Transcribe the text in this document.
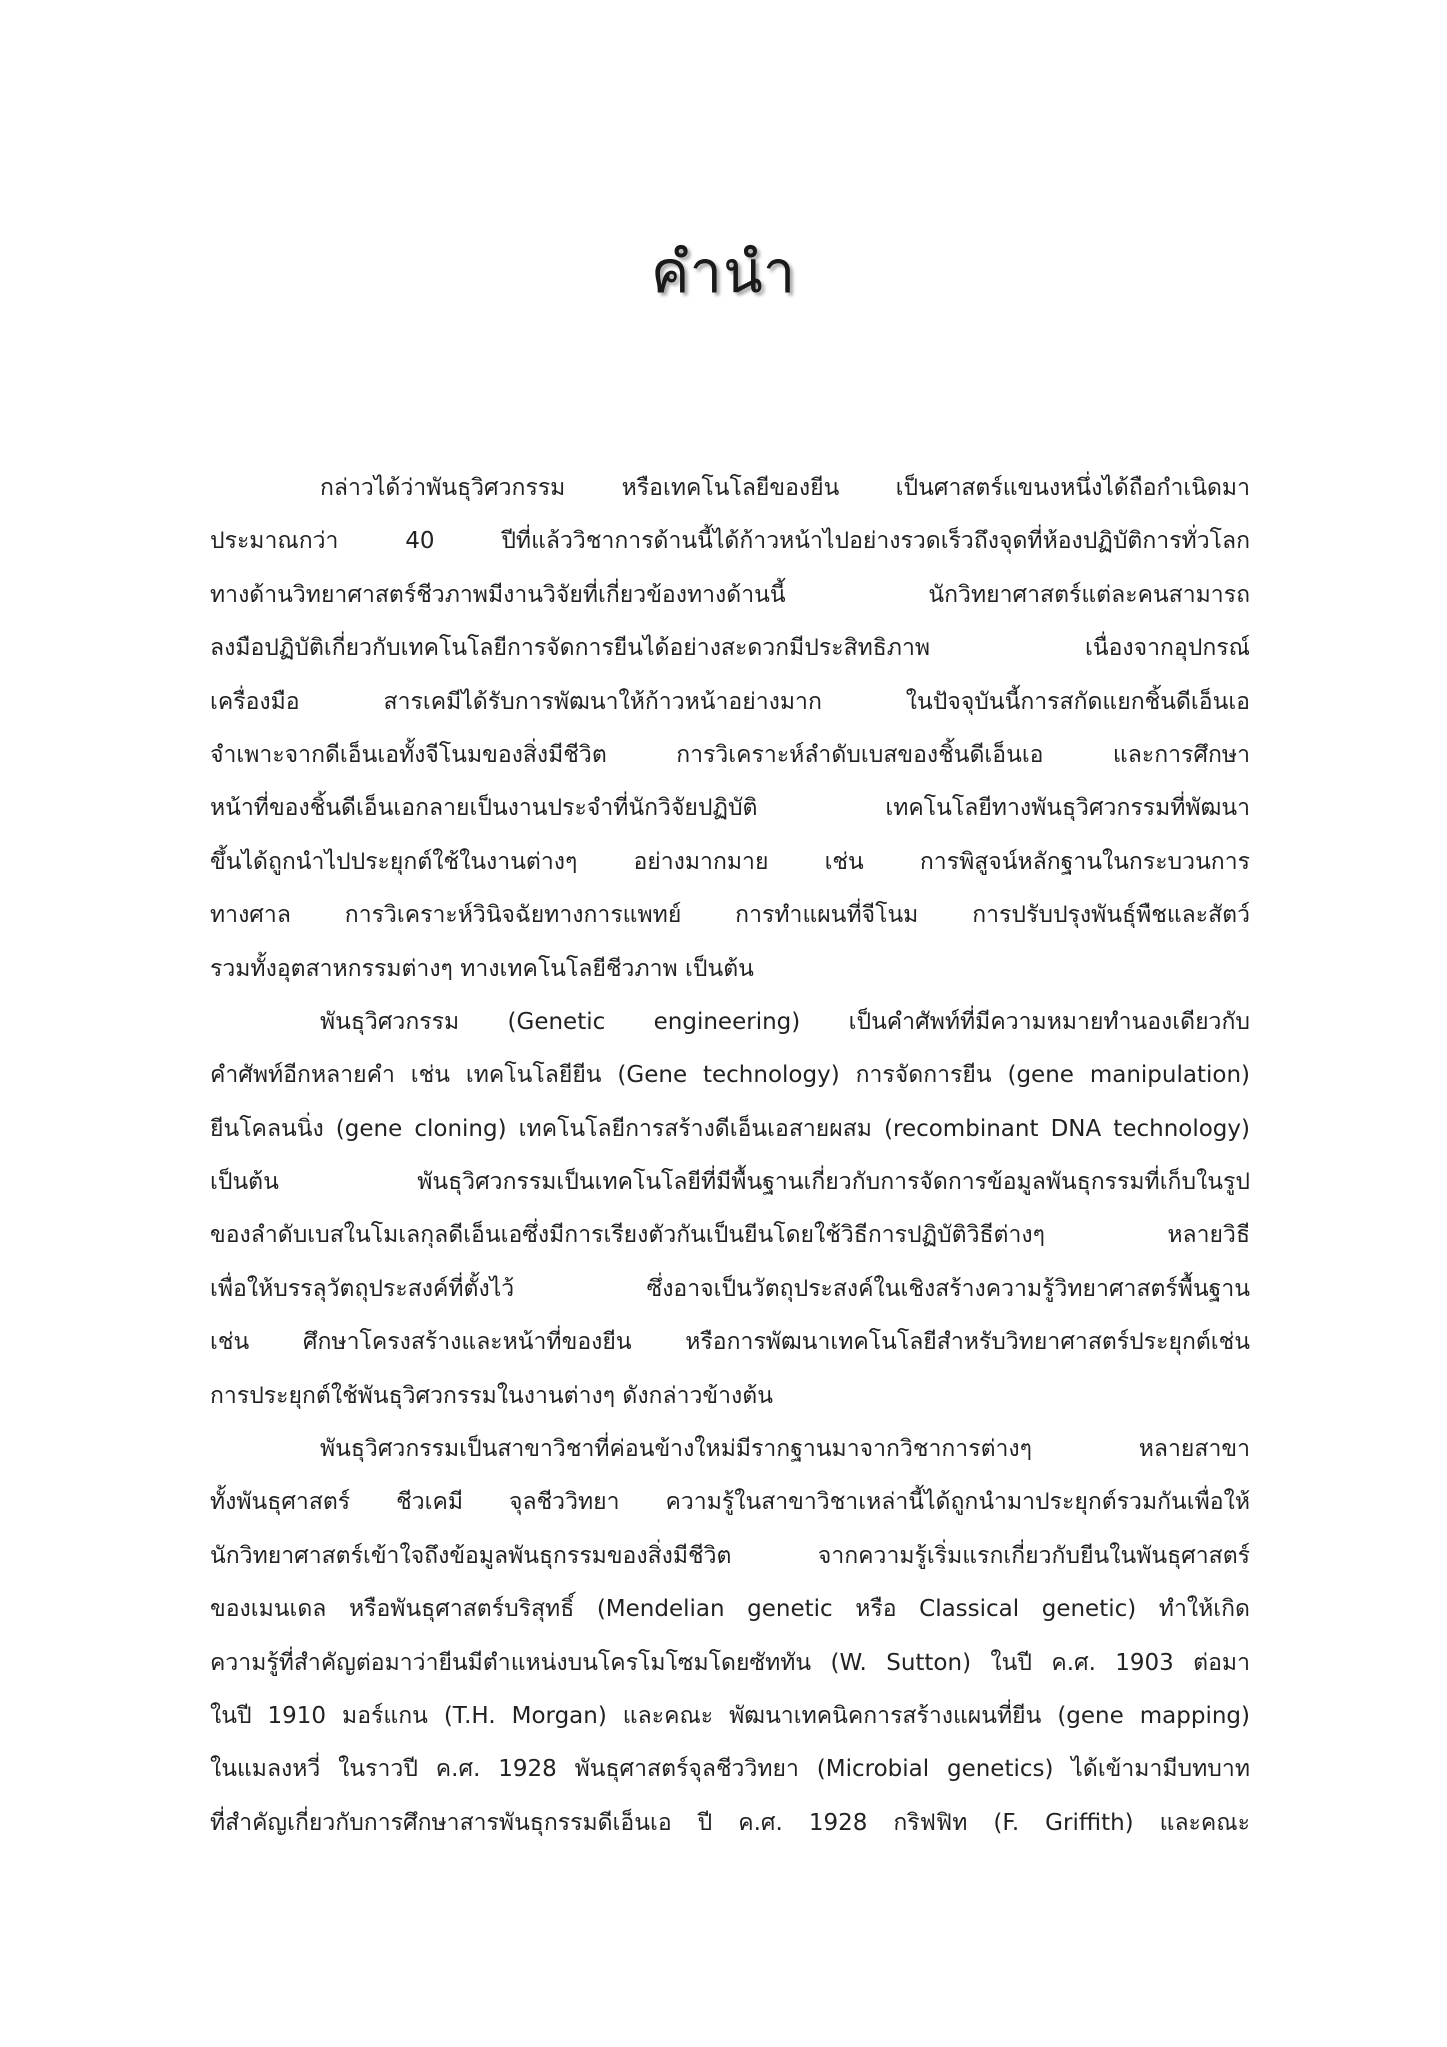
คำนำ
กล่าวได้ว่าพันธุวิศวกรรม หรือเทคโนโลยีของยีน เป็นศาสตร์แขนงหนึ่งได้ถือกำเนิดมา
ประมาณกว่า 40 ปีที่แล้ววิชาการด้านนี้ได้ก้าวหน้าไปอย่างรวดเร็วถึงจุดที่ห้องปฏิบัติการทั่วโลก
ทางด้านวิทยาศาสตร์ชีวภาพมีงานวิจัยที่เกี่ยวข้องทางด้านนี้ นักวิทยาศาสตร์แต่ละคนสามารถ
ลงมือปฏิบัติเกี่ยวกับเทคโนโลยีการจัดการยีนได้อย่างสะดวกมีประสิทธิภาพ เนื่องจากอุปกรณ์
เครื่องมือ สารเคมีได้รับการพัฒนาให้ก้าวหน้าอย่างมาก ในปัจจุบันนี้การสกัดแยกชิ้นดีเอ็นเอ
จำเพาะจากดีเอ็นเอทั้งจีโนมของสิ่งมีชีวิต การวิเคราะห์ลำดับเบสของชิ้นดีเอ็นเอ และการศึกษา
หน้าที่ของชิ้นดีเอ็นเอกลายเป็นงานประจำที่นักวิจัยปฏิบัติ เทคโนโลยีทางพันธุวิศวกรรมที่พัฒนา
ขึ้นได้ถูกนำไปประยุกต์ใช้ในงานต่างๆ อย่างมากมาย เช่น การพิสูจน์หลักฐานในกระบวนการ
ทางศาล การวิเคราะห์วินิจฉัยทางการแพทย์ การทำแผนที่จีโนม การปรับปรุงพันธุ์พืชและสัตว์
รวมทั้งอุตสาหกรรมต่างๆ ทางเทคโนโลยีชีวภาพ เป็นต้น
พันธุวิศวกรรม (Genetic engineering) เป็นคำศัพท์ที่มีความหมายทำนองเดียวกับ
คำศัพท์อีกหลายคำ เช่น เทคโนโลยียีน (Gene technology) การจัดการยีน (gene manipulation)
ยีนโคลนนิ่ง (gene cloning) เทคโนโลยีการสร้างดีเอ็นเอสายผสม (recombinant DNA technology)
เป็นต้น พันธุวิศวกรรมเป็นเทคโนโลยีที่มีพื้นฐานเกี่ยวกับการจัดการข้อมูลพันธุกรรมที่เก็บในรูป
ของลำดับเบสในโมเลกุลดีเอ็นเอซึ่งมีการเรียงตัวกันเป็นยีนโดยใช้วิธีการปฏิบัติวิธีต่างๆ หลายวิธี
เพื่อให้บรรลุวัตถุประสงค์ที่ตั้งไว้ ซึ่งอาจเป็นวัตถุประสงค์ในเชิงสร้างความรู้วิทยาศาสตร์พื้นฐาน
เช่น ศึกษาโครงสร้างและหน้าที่ของยีน หรือการพัฒนาเทคโนโลยีสำหรับวิทยาศาสตร์ประยุกต์เช่น
การประยุกต์ใช้พันธุวิศวกรรมในงานต่างๆ ดังกล่าวข้างต้น
พันธุวิศวกรรมเป็นสาขาวิชาที่ค่อนข้างใหม่มีรากฐานมาจากวิชาการต่างๆ หลายสาขา
ทั้งพันธุศาสตร์ ชีวเคมี จุลชีววิทยา ความรู้ในสาขาวิชาเหล่านี้ได้ถูกนำมาประยุกต์รวมกันเพื่อให้
นักวิทยาศาสตร์เข้าใจถึงข้อมูลพันธุกรรมของสิ่งมีชีวิต จากความรู้เริ่มแรกเกี่ยวกับยีนในพันธุศาสตร์
ของเมนเดล หรือพันธุศาสตร์บริสุทธิ์ (Mendelian genetic หรือ Classical genetic) ทำให้เกิด
ความรู้ที่สำคัญต่อมาว่ายีนมีตำแหน่งบนโครโมโซมโดยซัททัน (W. Sutton) ในปี ค.ศ. 1903 ต่อมา
ในปี 1910 มอร์แกน (T.H. Morgan) และคณะ พัฒนาเทคนิคการสร้างแผนที่ยีน (gene mapping)
ในแมลงหวี่ ในราวปี ค.ศ. 1928 พันธุศาสตร์จุลชีววิทยา (Microbial genetics) ได้เข้ามามีบทบาท
ที่สำคัญเกี่ยวกับการศึกษาสารพันธุกรรมดีเอ็นเอ ปี ค.ศ. 1928 กริฟฟิท (F. Griffith) และคณะ
